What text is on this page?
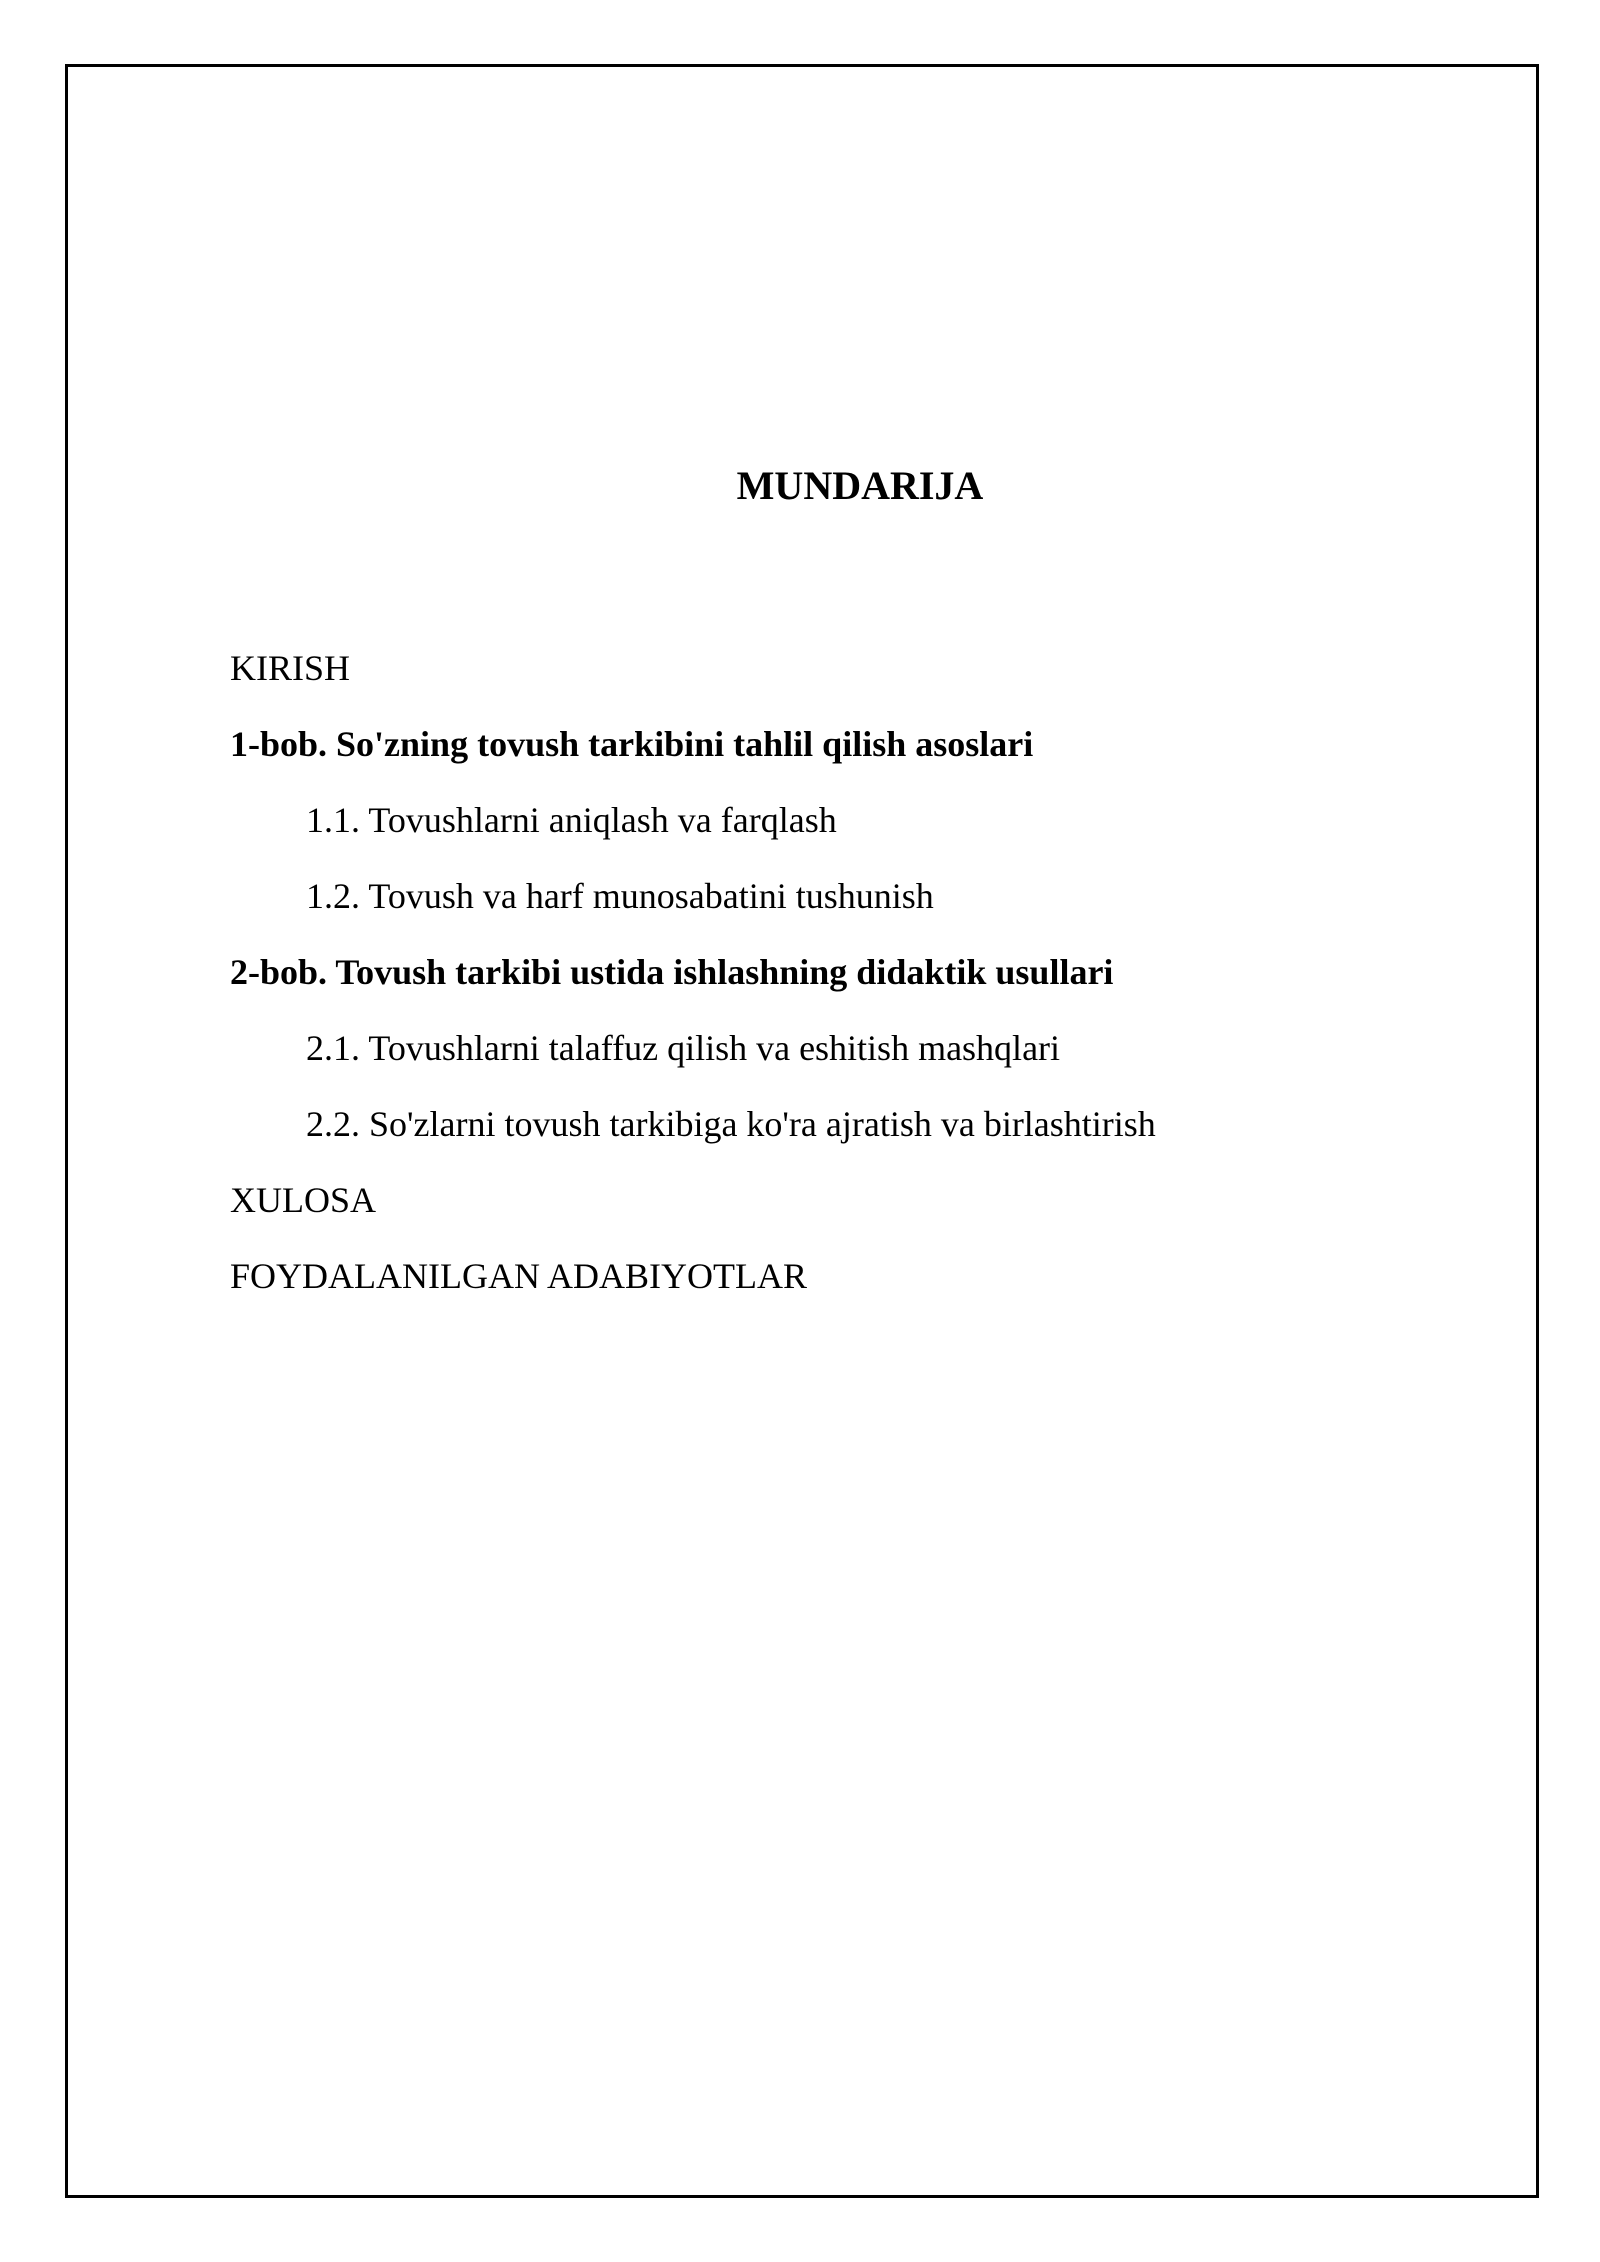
MUNDARIJA
KIRISH
1-bob. So'zning tovush tarkibini tahlil qilish asoslari
1.1. Tovushlarni aniqlash va farqlash
1.2. Tovush va harf munosabatini tushunish
2-bob. Tovush tarkibi ustida ishlashning didaktik usullari
2.1. Tovushlarni talaffuz qilish va eshitish mashqlari
2.2. So'zlarni tovush tarkibiga ko'ra ajratish va birlashtirish
XULOSA
FOYDALANILGAN ADABIYOTLAR
